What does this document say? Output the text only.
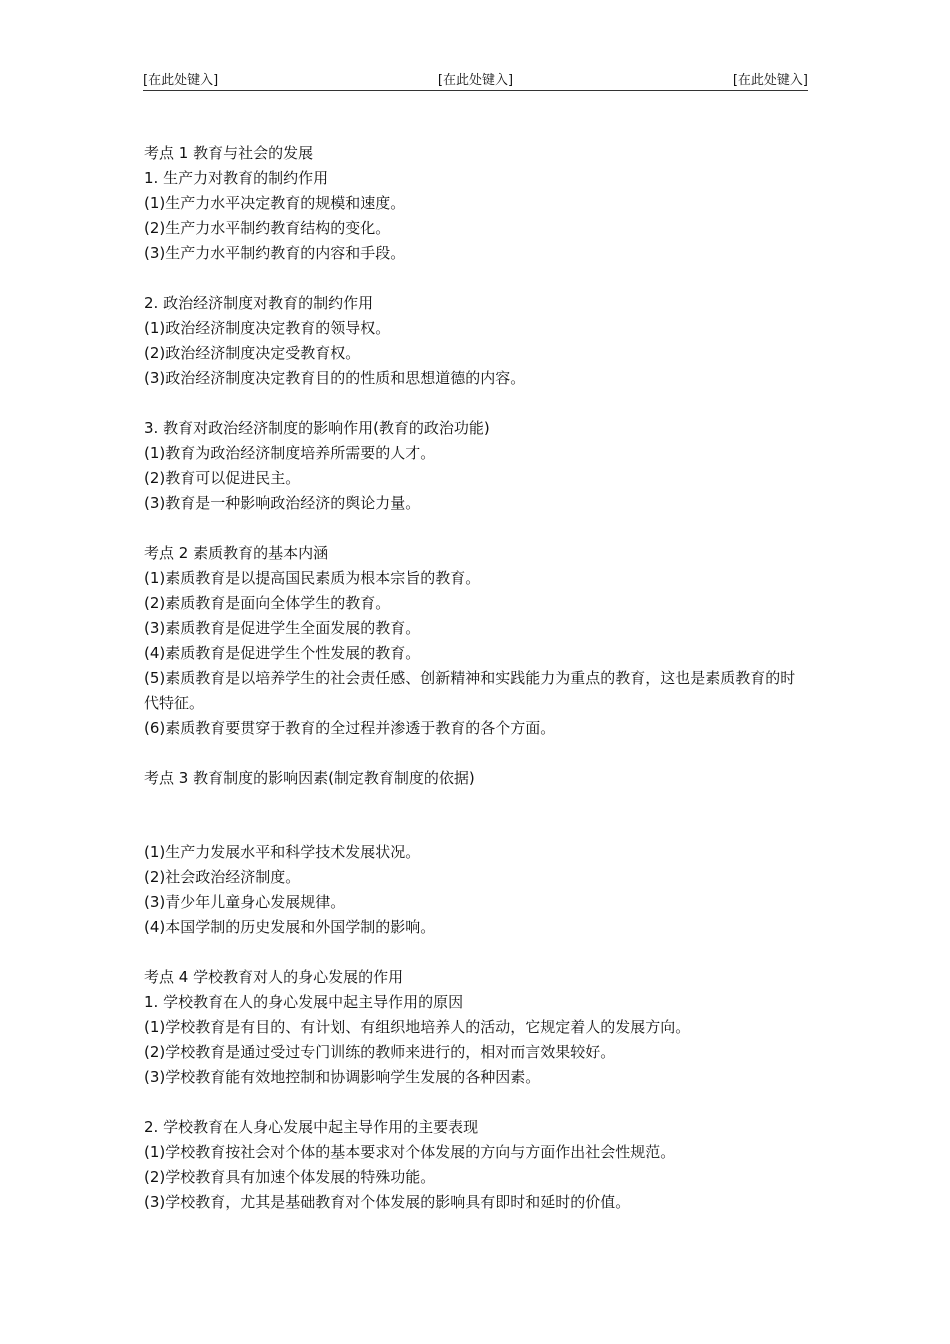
[在此处键入]	[在此处键入]	[在此处键入]

考点 1 教育与社会的发展

1. 生产力对教育的制约作用

(1)生产力水平决定教育的规模和速度。

(2)生产力水平制约教育结构的变化。

(3)生产力水平制约教育的内容和手段。

2. 政治经济制度对教育的制约作用

(1)政治经济制度决定教育的领导权。

(2)政治经济制度决定受教育权。

(3)政治经济制度决定教育目的的性质和思想道德的内容。

3. 教育对政治经济制度的影响作用(教育的政治功能)

(1)教育为政治经济制度培养所需要的人才。

(2)教育可以促进民主。

(3)教育是一种影响政治经济的舆论力量。

考点 2 素质教育的基本内涵

(1)素质教育是以提高国民素质为根本宗旨的教育。

(2)素质教育是面向全体学生的教育。

(3)素质教育是促进学生全面发展的教育。

(4)素质教育是促进学生个性发展的教育。

(5)素质教育是以培养学生的社会责任感、创新精神和实践能力为重点的教育，这也是素质教育的时代特征。

(6)素质教育要贯穿于教育的全过程并渗透于教育的各个方面。

考点 3 教育制度的影响因素(制定教育制度的依据)

(1)生产力发展水平和科学技术发展状况。

(2)社会政治经济制度。

(3)青少年儿童身心发展规律。

(4)本国学制的历史发展和外国学制的影响。

考点 4 学校教育对人的身心发展的作用

1. 学校教育在人的身心发展中起主导作用的原因

(1)学校教育是有目的、有计划、有组织地培养人的活动，它规定着人的发展方向。

(2)学校教育是通过受过专门训练的教师来进行的，相对而言效果较好。

(3)学校教育能有效地控制和协调影响学生发展的各种因素。

2. 学校教育在人身心发展中起主导作用的主要表现

(1)学校教育按社会对个体的基本要求对个体发展的方向与方面作出社会性规范。

(2)学校教育具有加速个体发展的特殊功能。

(3)学校教育，尤其是基础教育对个体发展的影响具有即时和延时的价值。
